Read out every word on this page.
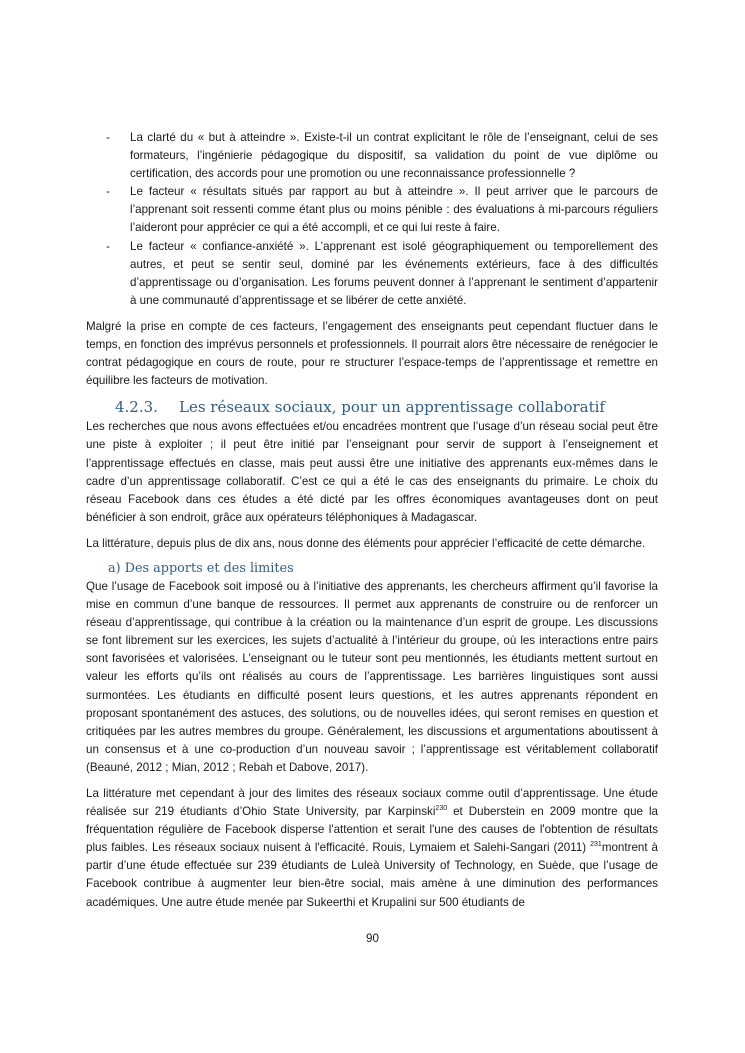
- La clarté du « but à atteindre ». Existe-t-il un contrat explicitant le rôle de l’enseignant, celui de ses formateurs, l’ingénierie pédagogique du dispositif, sa validation du point de vue diplôme ou certification, des accords pour une promotion ou une reconnaissance professionnelle ?
- Le facteur « résultats situés par rapport au but à atteindre ». Il peut arriver que le parcours de l’apprenant soit ressenti comme étant plus ou moins pénible : des évaluations à mi-parcours réguliers l’aideront pour apprécier ce qui a été accompli, et ce qui lui reste à faire.
- Le facteur « confiance-anxiété ». L’apprenant est isolé géographiquement ou temporellement des autres, et peut se sentir seul, dominé par les événements extérieurs, face à des difficultés d’apprentissage ou d’organisation. Les forums peuvent donner à l’apprenant le sentiment d’appartenir à une communauté d’apprentissage et se libérer de cette anxiété.

Malgré la prise en compte de ces facteurs, l’engagement des enseignants peut cependant fluctuer dans le temps, en fonction des imprévus personnels et professionnels. Il pourrait alors être nécessaire de renégocier le contrat pédagogique en cours de route, pour re structurer l’espace-temps de l’apprentissage et remettre en équilibre les facteurs de motivation.

4.2.3. Les réseaux sociaux, pour un apprentissage collaboratif

Les recherches que nous avons effectuées et/ou encadrées montrent que l’usage d’un réseau social peut être une piste à exploiter ; il peut être initié par l’enseignant pour servir de support à l’enseignement et l’apprentissage effectués en classe, mais peut aussi être une initiative des apprenants eux-mêmes dans le cadre d’un apprentissage collaboratif. C’est ce qui a été le cas des enseignants du primaire. Le choix du réseau Facebook dans ces études a été dicté par les offres économiques avantageuses dont on peut bénéficier à son endroit, grâce aux opérateurs téléphoniques à Madagascar.

La littérature, depuis plus de dix ans, nous donne des éléments pour apprécier l’efficacité de cette démarche.

a) Des apports et des limites

Que l’usage de Facebook soit imposé ou à l’initiative des apprenants, les chercheurs affirment qu’il favorise la mise en commun d’une banque de ressources. Il permet aux apprenants de construire ou de renforcer un réseau d’apprentissage, qui contribue à la création ou la maintenance d’un esprit de groupe. Les discussions se font librement sur les exercices, les sujets d’actualité à l’intérieur du groupe, où les interactions entre pairs sont favorisées et valorisées. L’enseignant ou le tuteur sont peu mentionnés, les étudiants mettent surtout en valeur les efforts qu’ils ont réalisés au cours de l’apprentissage. Les barrières linguistiques sont aussi surmontées. Les étudiants en difficulté posent leurs questions, et les autres apprenants répondent en proposant spontanément des astuces, des solutions, ou de nouvelles idées, qui seront remises en question et critiquées par les autres membres du groupe. Généralement, les discussions et argumentations aboutissent à un consensus et à une co-production d’un nouveau savoir ; l’apprentissage est véritablement collaboratif (Beauné, 2012 ; Mian, 2012 ; Rebah et Dabove, 2017).

La littérature met cependant à jour des limites des réseaux sociaux comme outil d’apprentissage. Une étude réalisée sur 219 étudiants d’Ohio State University, par Karpinski$^{230}$ et Duberstein en 2009 montre que la fréquentation régulière de Facebook disperse l'attention et serait l'une des causes de l'obtention de résultats plus faibles. Les réseaux sociaux nuisent à l'efficacité. Rouis, Lymaiem et Salehi-Sangari (2011) $^{231}$montrent à partir d’une étude effectuée sur 239 étudiants de Luleà University of Technology, en Suède, que l’usage de Facebook contribue à augmenter leur bien-être social, mais amène à une diminution des performances académiques. Une autre étude menée par Sukeerthi et Krupalini sur 500 étudiants de

90
